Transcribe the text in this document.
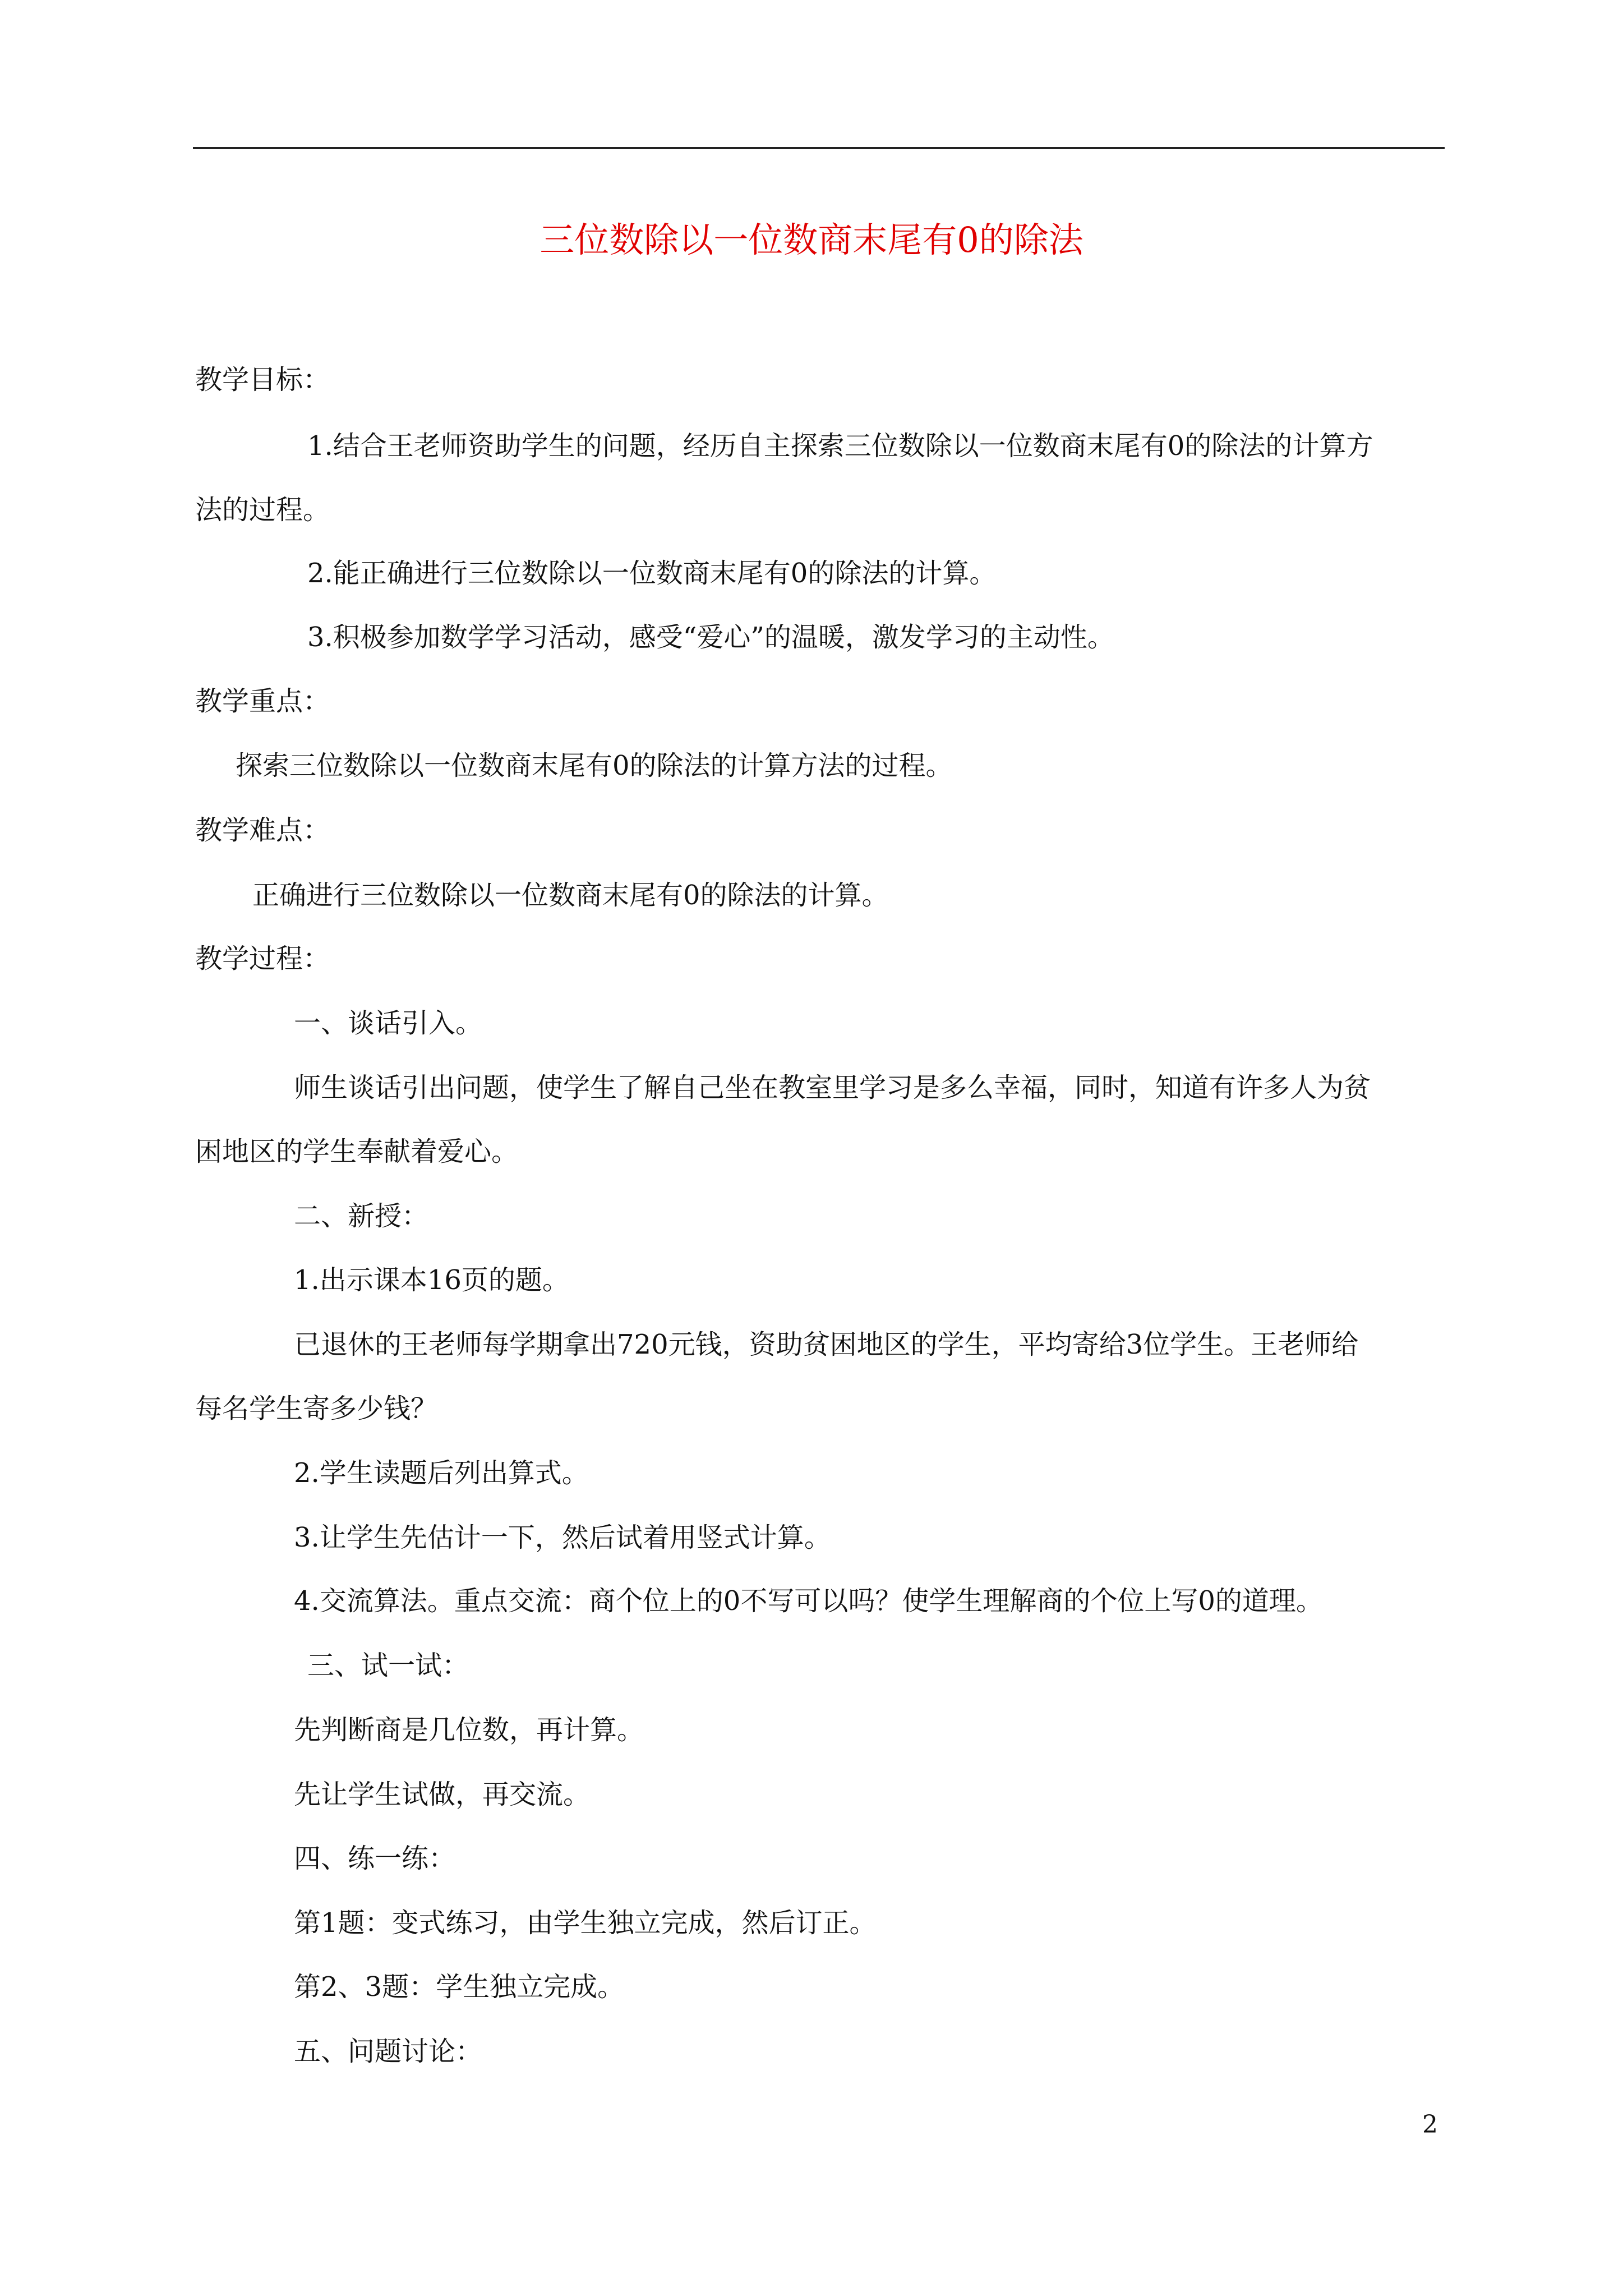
三位数除以一位数商末尾有0的除法
教学目标：
1.结合王老师资助学生的问题，经历自主探索三位数除以一位数商末尾有0的除法的计算方
法的过程。
2.能正确进行三位数除以一位数商末尾有0的除法的计算。
3.积极参加数学学习活动，感受“爱心”的温暖，激发学习的主动性。
教学重点：
探索三位数除以一位数商末尾有0的除法的计算方法的过程。
教学难点：
正确进行三位数除以一位数商末尾有0的除法的计算。
教学过程：
一、谈话引入。
师生谈话引出问题，使学生了解自己坐在教室里学习是多么幸福，同时，知道有许多人为贫
困地区的学生奉献着爱心。
二、新授：
1.出示课本16页的题。
已退休的王老师每学期拿出720元钱，资助贫困地区的学生，平均寄给3位学生。王老师给
每名学生寄多少钱？
2.学生读题后列出算式。
3.让学生先估计一下，然后试着用竖式计算。
4.交流算法。重点交流：商个位上的0不写可以吗？使学生理解商的个位上写0的道理。
三、试一试：
先判断商是几位数，再计算。
先让学生试做，再交流。
四、练一练：
第1题：变式练习，由学生独立完成，然后订正。
第2、3题：学生独立完成。
五、问题讨论：
2
